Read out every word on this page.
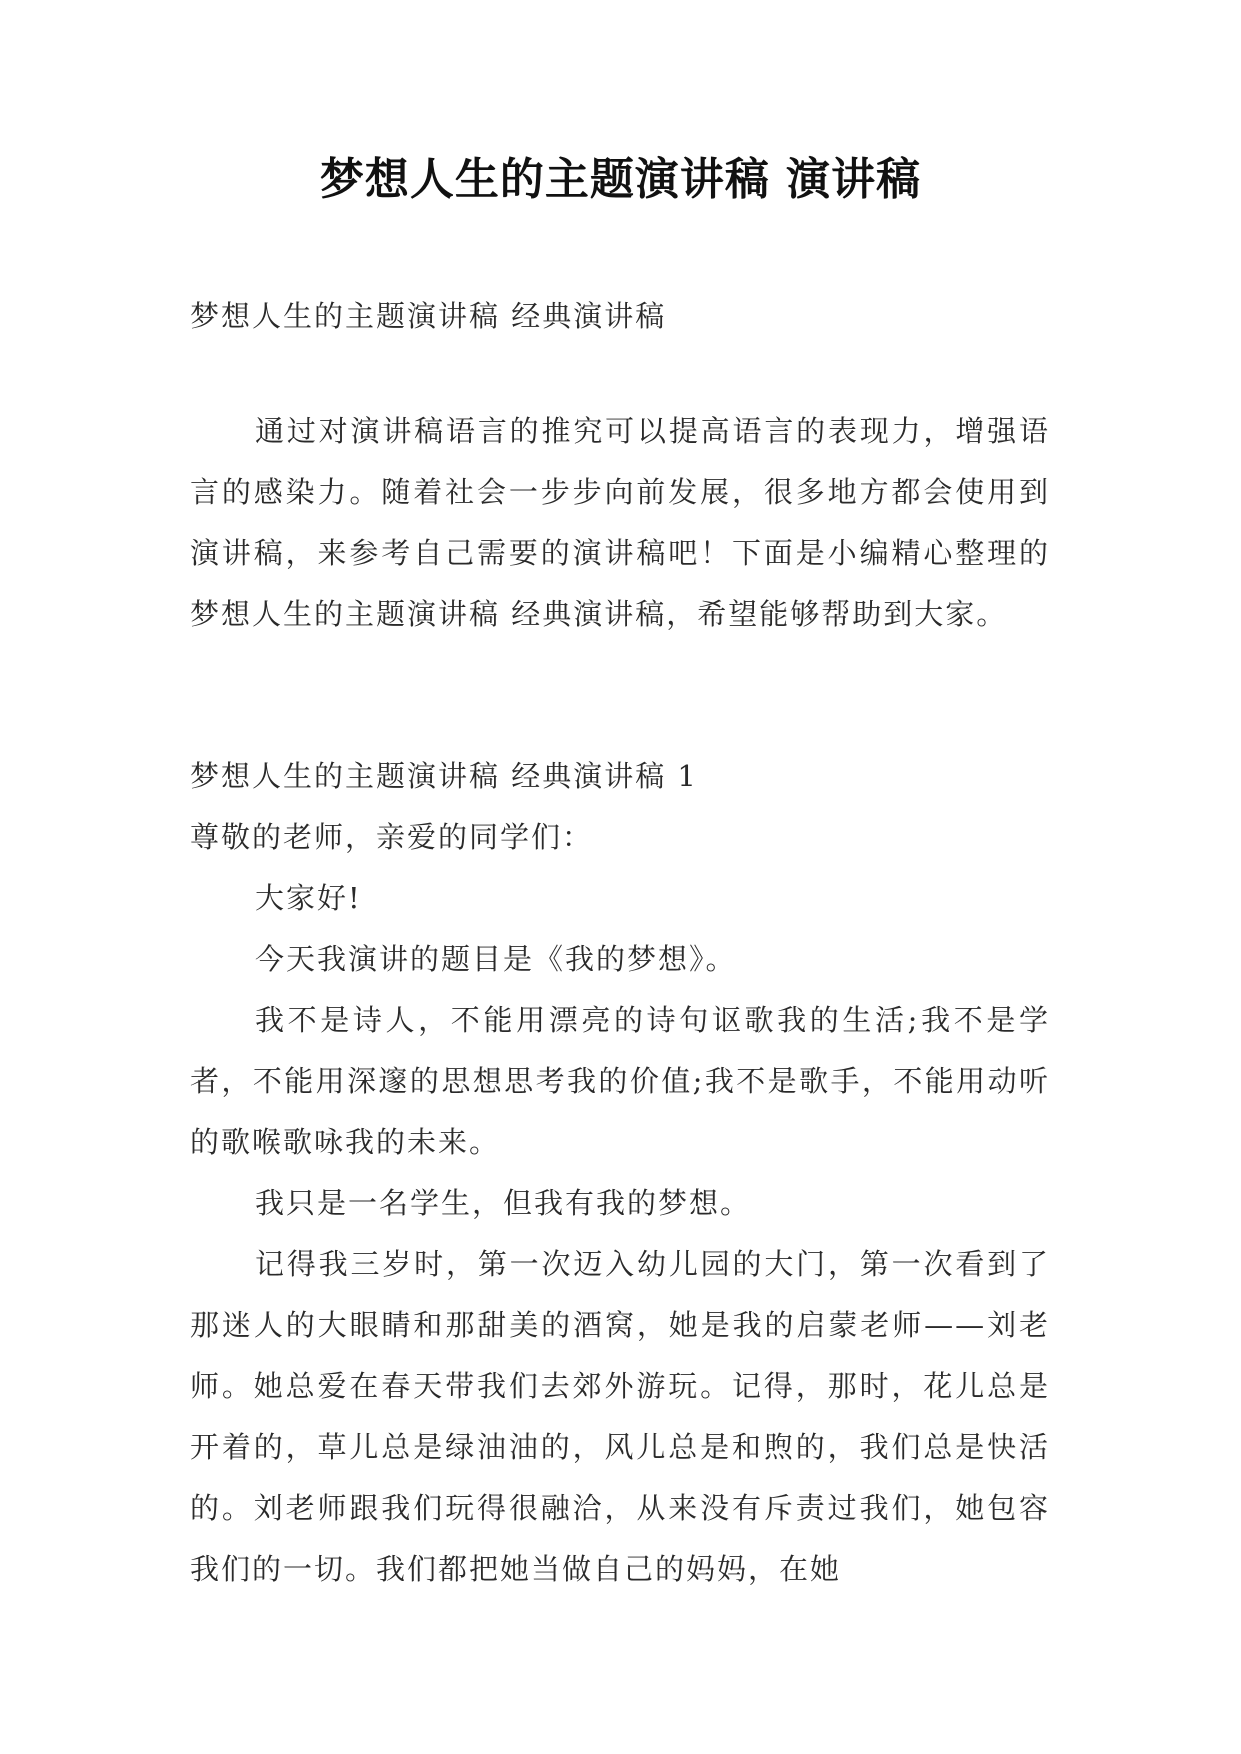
梦想人生的主题演讲稿 演讲稿
梦想人生的主题演讲稿 经典演讲稿
通过对演讲稿语言的推究可以提高语言的表现力，增强语言的感染力。随着社会一步步向前发展，很多地方都会使用到演讲稿，来参考自己需要的演讲稿吧！下面是小编精心整理的梦想人生的主题演讲稿 经典演讲稿，希望能够帮助到大家。
梦想人生的主题演讲稿 经典演讲稿 1

尊敬的老师，亲爱的同学们：

大家好!

今天我演讲的题目是《我的梦想》。

我不是诗人，不能用漂亮的诗句讴歌我的生活;我不是学者，不能用深邃的思想思考我的价值;我不是歌手，不能用动听的歌喉歌咏我的未来。

我只是一名学生，但我有我的梦想。

记得我三岁时，第一次迈入幼儿园的大门，第一次看到了那迷人的大眼睛和那甜美的酒窝，她是我的启蒙老师——刘老师。她总爱在春天带我们去郊外游玩。记得，那时，花儿总是开着的，草儿总是绿油油的，风儿总是和煦的，我们总是快活的。刘老师跟我们玩得很融洽，从来没有斥责过我们，她包容我们的一切。我们都把她当做自己的妈妈，在她
